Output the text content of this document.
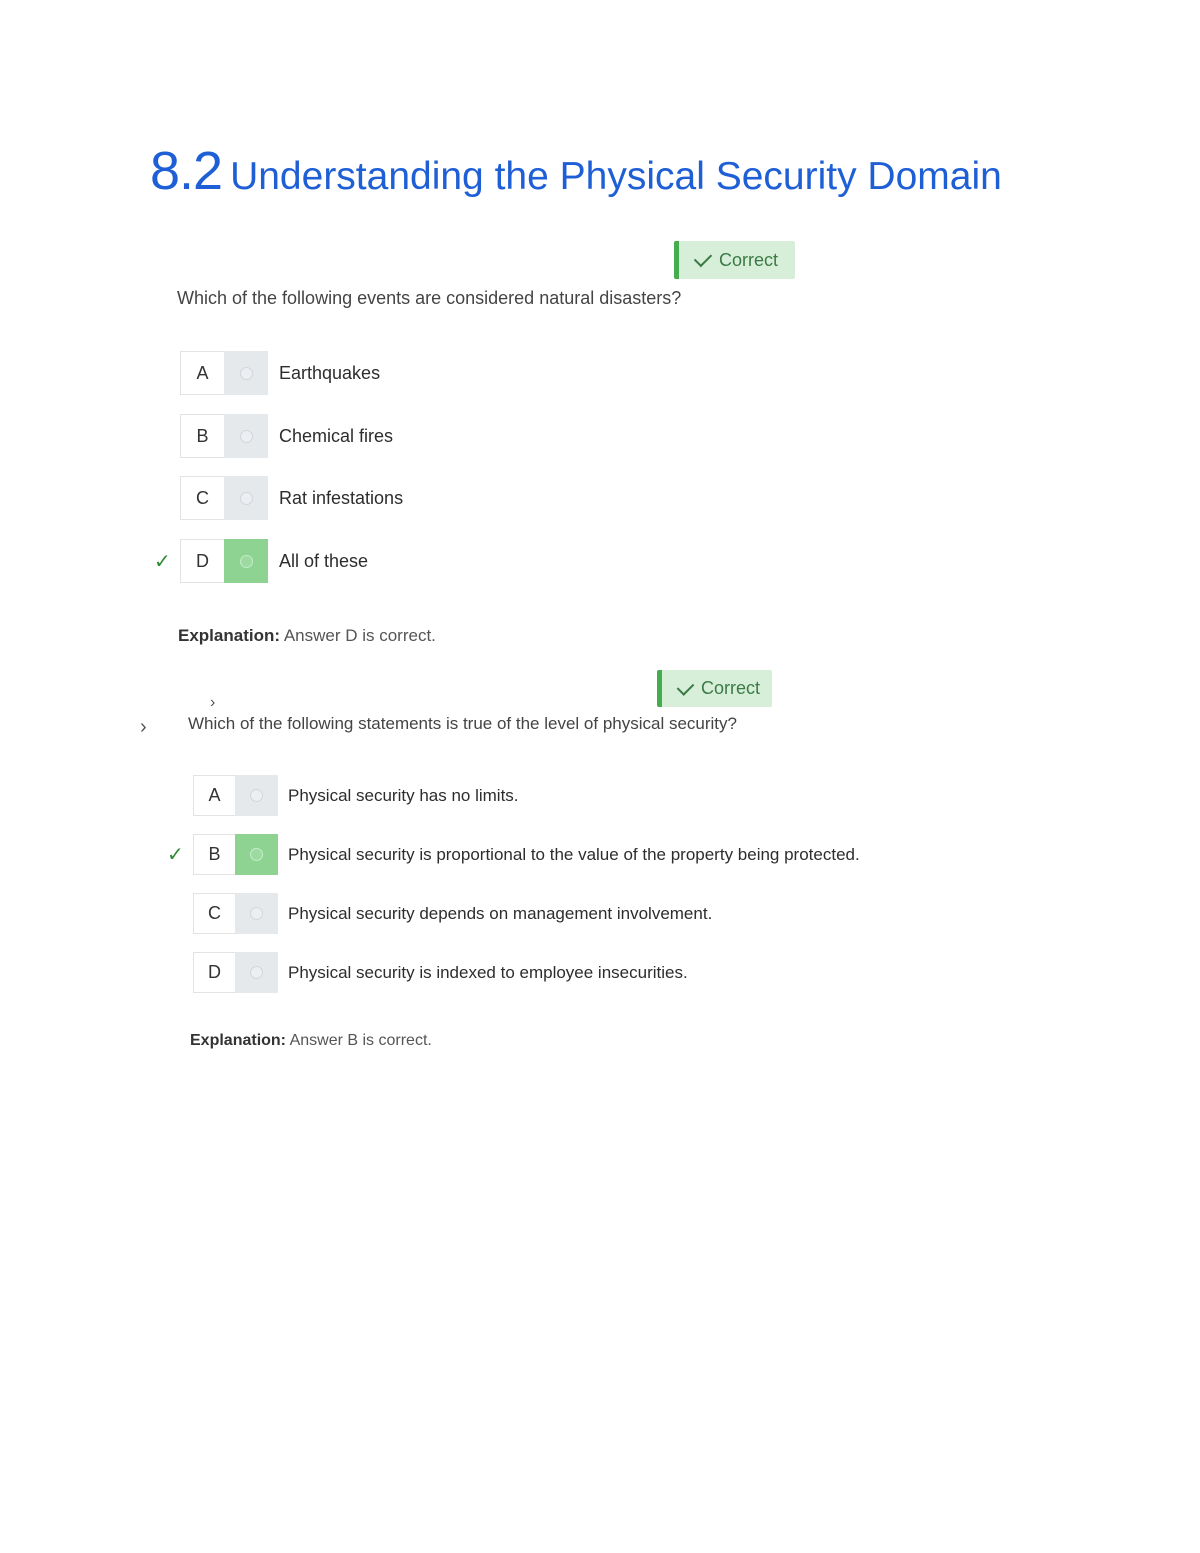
8.2 Understanding the Physical Security Domain
Correct
Which of the following events are considered natural disasters?
A	Earthquakes
B	Chemical fires
C	Rat infestations
✓	D	All of these
Explanation: Answer D is correct.
Correct
›
› Which of the following statements is true of the level of physical security?
A	Physical security has no limits.
✓	B	Physical security is proportional to the value of the property being protected.
C	Physical security depends on management involvement.
D	Physical security is indexed to employee insecurities.
Explanation: Answer B is correct.
